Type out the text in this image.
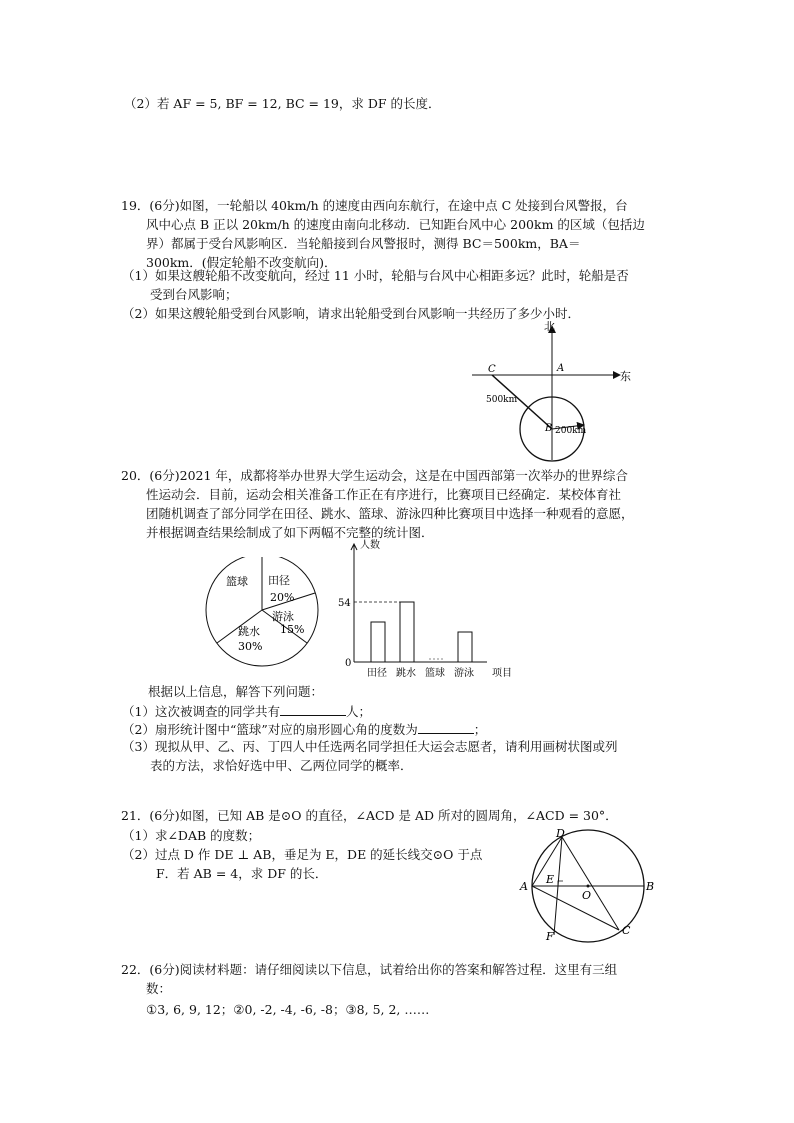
（2）若 AF = 5, BF = 12, BC = 19，求 DF 的长度．
19．(6分)如图，一轮船以 40km/h 的速度由西向东航行，在途中点 C 处接到台风警报，台
风中心点 B 正以 20km/h 的速度由南向北移动．已知距台风中心 200km 的区域（包括边
界）都属于受台风影响区．当轮船接到台风警报时，测得 BC＝500km，BA＝
300km．(假定轮船不改变航向)．
（1）如果这艘轮船不改变航向，经过 11 小时，轮船与台风中心相距多远？此时，轮船是否
受到台风影响；
（2）如果这艘轮船受到台风影响，请求出轮船受到台风影响一共经历了多少小时．
北
东
C	A
B
500km
200km
20．(6分)2021 年，成都将举办世界大学生运动会，这是在中国西部第一次举办的世界综合
性运动会．目前，运动会相关准备工作正在有序进行，比赛项目已经确定．某校体育社
团随机调查了部分同学在田径、跳水、篮球、游泳四种比赛项目中选择一种观看的意愿，
并根据调查结果绘制成了如下两幅不完整的统计图．
篮球 田径
20%
游泳
15%
跳水
30%
人数
项目
0
54
田径 跳水 篮球 游泳
根据以上信息，解答下列问题：
（1）这次被调查的同学共有	人；
（2）扇形统计图中“篮球”对应的扇形圆心角的度数为	；
（3）现拟从甲、乙、丙、丁四人中任选两名同学担任大运会志愿者，请利用画树状图或列
表的方法，求恰好选中甲、乙两位同学的概率．
21．(6分)如图，已知 AB 是⊙O 的直径，∠ACD 是 AD 所对的圆周角，∠ACD = 30°．
（1）求∠DAB 的度数；
（2）过点 D 作 DE ⊥ AB，垂足为 E，DE 的延长线交⊙O 于点
F．若 AB = 4，求 DF 的长．
A	B
C
D
E
F
O
22．(6分)阅读材料题：请仔细阅读以下信息，试着给出你的答案和解答过程．这里有三组
数：
①3, 6, 9, 12；②0, -2, -4, -6, -8；③8, 5, 2, ……
